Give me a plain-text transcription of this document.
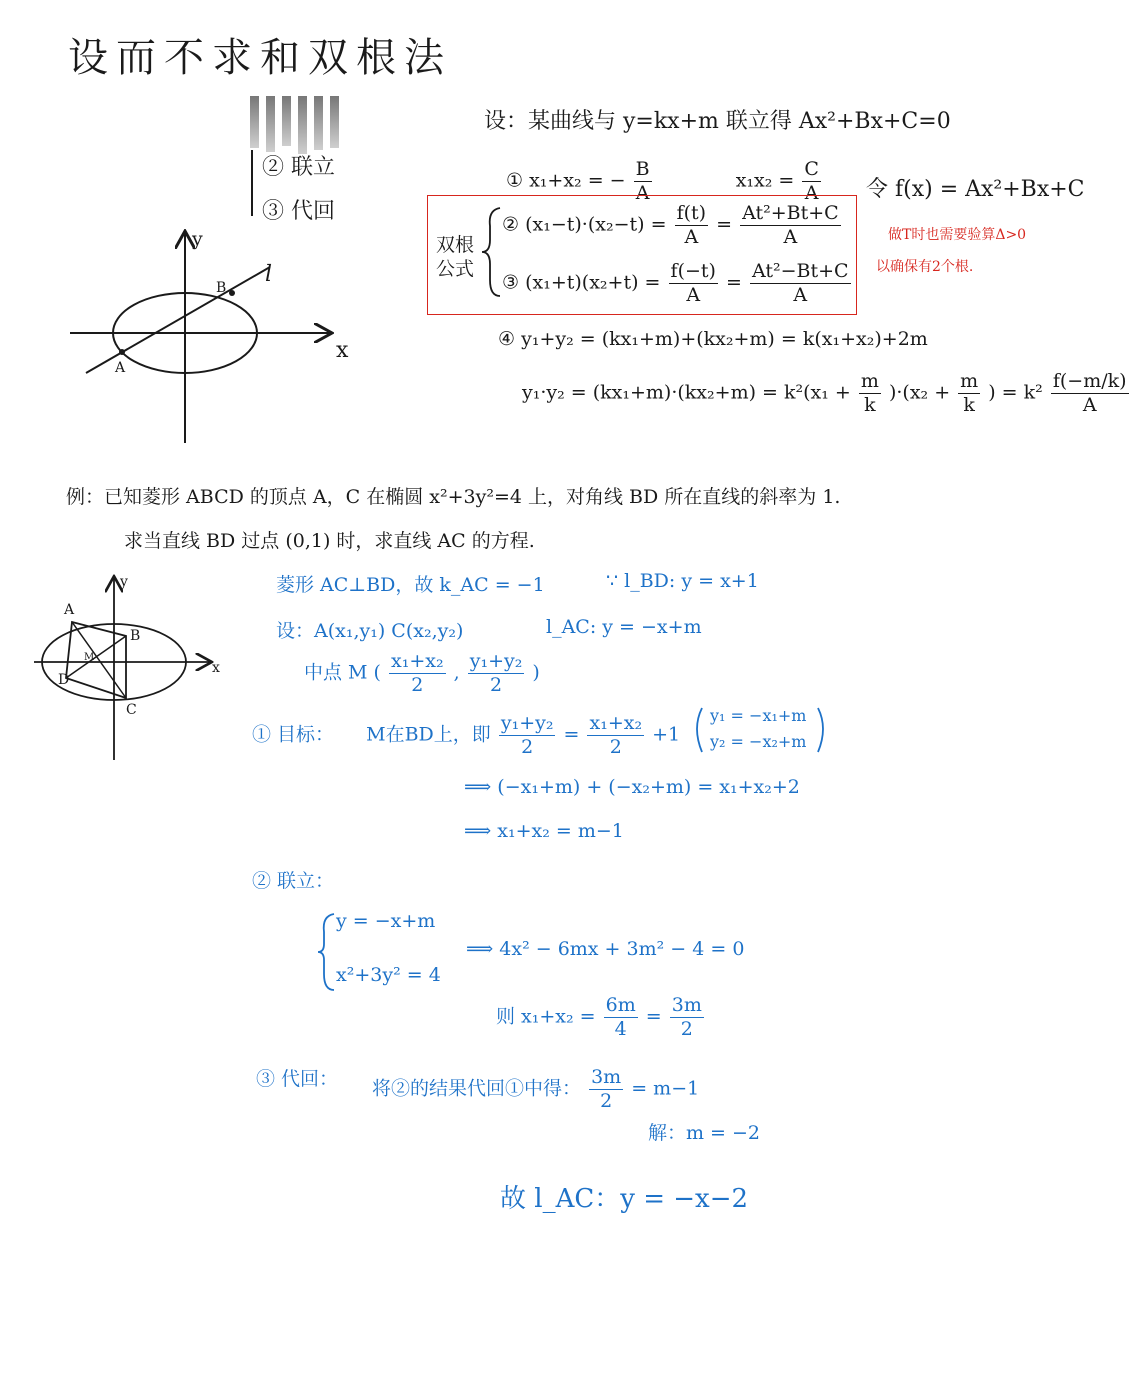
设而不求和双根法
② 联立
③ 代回
y
x
l
A
B
设：某曲线与 y=kx+m 联立得 Ax²+Bx+C=0
① x₁+x₂ = − $\frac{B}{A}$	$x_1x_2 = \frac{C}{A}$ 令 f(x) = Ax²+Bx+C
双根
公式
② $(x_1-t)\cdot(x_2-t) = \frac{f(t)}{A} = \frac{\text{At²+Bt+C}}{A}$
③ $(x_1+t)(x_2+t) = \frac{f(-t)}{A} = \frac{\text{At²−Bt+C}}{A}$
做T时也需要验算Δ>0
以确保有2个根.
④ y₁+y₂ = (kx₁+m)+(kx₂+m) = k(x₁+x₂)+2m
$y_1\cdot y_2 = (kx_1+m)\cdot(kx_2+m) = k^2(x_1 + \frac{m}{k} )\cdot(x_2 + \frac{m}{k}$ ) = $k^2 \frac{f(-m/k)}{A}$
例：已知菱形 ABCD 的顶点 A，C 在椭圆 x²+3y²=4 上，对角线 BD 所在直线的斜率为 1.
求当直线 BD 过点 (0,1) 时，求直线 AC 的方程.
y
x
A
B
C
D
M
菱形 AC⊥BD，故 k_AC = −1	∵ l_BD: y = x+1
设：A(x₁,y₁) C(x₂,y₂)	l_AC: y = −x+m
中点 M ( $\frac{\text{x₁+x₂}}{2}$ , $\frac{\text{y₁+y₂}}{2}$ )
① 目标： M在BD上，即 $\frac{\text{y₁+y₂}}{2} = \frac{\text{x₁+x₂}}{2} +1$
y₁ = −x₁+m
y₂ = −x₂+m
⟹ (−x₁+m) + (−x₂+m) = x₁+x₂+2
⟹ x₁+x₂ = m−1
② 联立：
y = −x+m
x²+3y² = 4
⟹ 4x² − 6mx + 3m² − 4 = 0
则 $x_1+x_2 = \frac{6m}{4} = \frac{3m}{2}$
③ 代回： 将②的结果代回①中得： $\frac{3m}{2} = m-1$
解：m = −2
故 l_AC：y = −x−2
